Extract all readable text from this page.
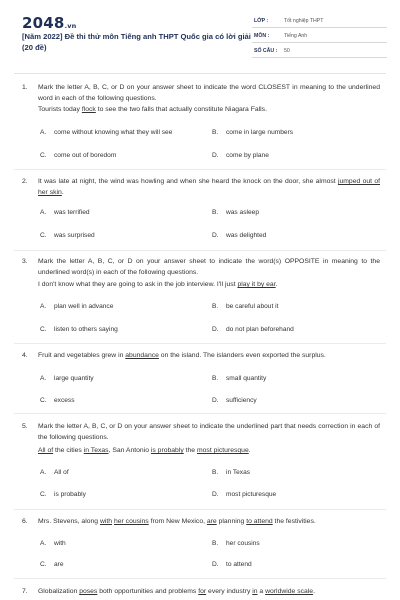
2048.vn
[Năm 2022] Đề thi thử môn Tiếng anh THPT Quốc gia có lời giải (20 đề)
LỚP :	Tốt nghiệp THPT
MÔN :	Tiếng Anh
SỐ CÂU : 50
1. Mark the letter A, B, C, or D on your answer sheet to indicate the word CLOSEST in meaning to the underlined word in each of the following questions.
Tourists today flock to see the two falls that actually constitute Niagara Falls.
A. come without knowing what they will see	B. come in large numbers
C. come out of boredom	D. come by plane
2. It was late at night, the wind was howling and when she heard the knock on the door, she almost jumped out of her skin.
A. was terrified	B. was asleep
C. was surprised	D. was delighted
3. Mark the letter A, B, C, or D on your answer sheet to indicate the word(s) OPPOSITE in meaning to the underlined word(s) in each of the following questions.
I don't know what they are going to ask in the job interview. I'll just play it by ear.
A. plan well in advance	B. be careful about it
C. listen to others saying	D. do not plan beforehand
4. Fruit and vegetables grew in abundance on the island. The islanders even exported the surplus.
A. large quantity	B. small quantity
C. excess	D. sufficiency
5. Mark the letter A, B, C, or D on your answer sheet to indicate the underlined part that needs correction in each of the following questions.
All of the cities in Texas, San Antonio is probably the most picturesque.
A. All of	B. in Texas
C. is probably	D. most picturesque
6. Mrs. Stevens, along with her cousins from New Mexico, are planning to attend the festivities.
A. with	B. her cousins
C. are	D. to attend
7. Globalization poses both opportunities and problems for every industry in a worldwide scale.
